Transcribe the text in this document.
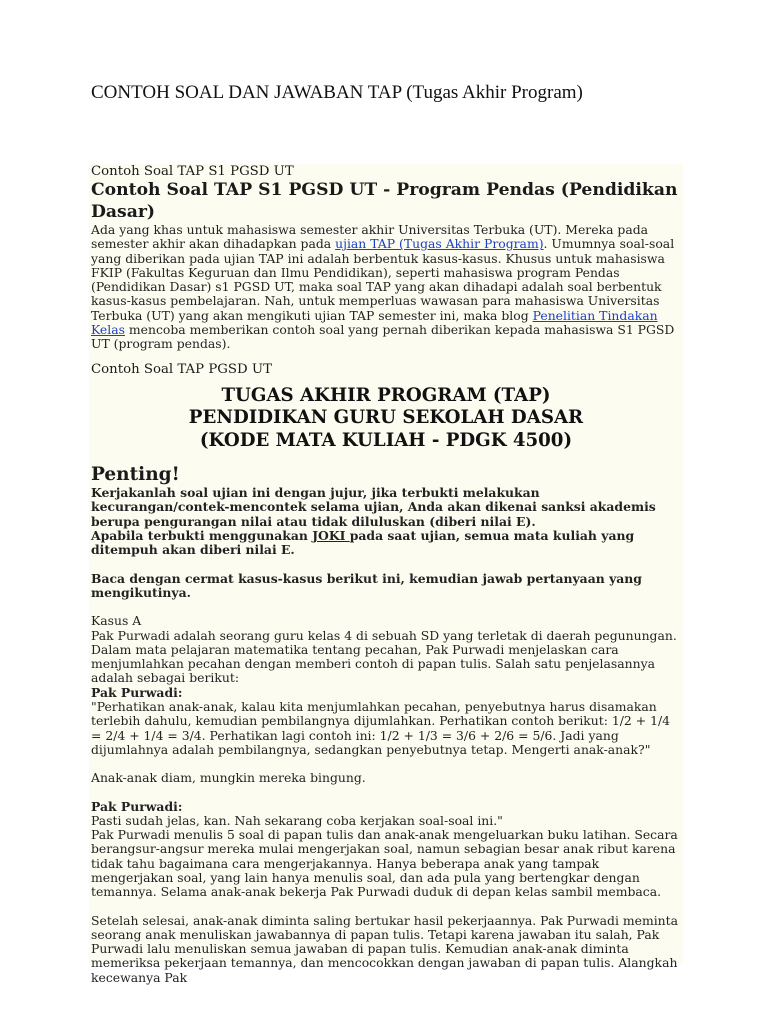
CONTOH SOAL DAN JAWABAN TAP (Tugas Akhir Program)

Contoh Soal TAP S1 PGSD UT

Contoh Soal TAP S1 PGSD UT - Program Pendas (Pendidikan Dasar)

Ada yang khas untuk mahasiswa semester akhir Universitas Terbuka (UT). Mereka pada semester akhir akan dihadapkan pada ujian TAP (Tugas Akhir Program). Umumnya soal-soal yang diberikan pada ujian TAP ini adalah berbentuk kasus-kasus. Khusus untuk mahasiswa FKIP (Fakultas Keguruan dan Ilmu Pendidikan), seperti mahasiswa program Pendas (Pendidikan Dasar) s1 PGSD UT, maka soal TAP yang akan dihadapi adalah soal berbentuk kasus-kasus pembelajaran. Nah, untuk memperluas wawasan para mahasiswa Universitas Terbuka (UT) yang akan mengikuti ujian TAP semester ini, maka blog Penelitian Tindakan Kelas mencoba memberikan contoh soal yang pernah diberikan kepada mahasiswa S1 PGSD UT (program pendas).

Contoh Soal TAP PGSD UT

TUGAS AKHIR PROGRAM (TAP)
PENDIDIKAN GURU SEKOLAH DASAR
(KODE MATA KULIAH - PDGK 4500)

Penting!

Kerjakanlah soal ujian ini dengan jujur, jika terbukti melakukan kecurangan/contek-mencontek selama ujian, Anda akan dikenai sanksi akademis berupa pengurangan nilai atau tidak diluluskan (diberi nilai E).

Apabila terbukti menggunakan JOKI pada saat ujian, semua mata kuliah yang ditempuh akan diberi nilai E.

Baca dengan cermat kasus-kasus berikut ini, kemudian jawab pertanyaan yang mengikutinya.

Kasus A

Pak Purwadi adalah seorang guru kelas 4 di sebuah SD yang terletak di daerah pegunungan. Dalam mata pelajaran matematika tentang pecahan, Pak Purwadi menjelaskan cara menjumlahkan pecahan dengan memberi contoh di papan tulis. Salah satu penjelasannya adalah sebagai berikut:

Pak Purwadi:

"Perhatikan anak-anak, kalau kita menjumlahkan pecahan, penyebutnya harus disamakan terlebih dahulu, kemudian pembilangnya dijumlahkan. Perhatikan contoh berikut: 1/2 + 1/4 = 2/4 + 1/4 = 3/4. Perhatikan lagi contoh ini: 1/2 + 1/3 = 3/6 + 2/6 = 5/6. Jadi yang dijumlahnya adalah pembilangnya, sedangkan penyebutnya tetap. Mengerti anak-anak?"

Anak-anak diam, mungkin mereka bingung.

Pak Purwadi:

Pasti sudah jelas, kan. Nah sekarang coba kerjakan soal-soal ini."

Pak Purwadi menulis 5 soal di papan tulis dan anak-anak mengeluarkan buku latihan. Secara berangsur-angsur mereka mulai mengerjakan soal, namun sebagian besar anak ribut karena tidak tahu bagaimana cara mengerjakannya. Hanya beberapa anak yang tampak mengerjakan soal, yang lain hanya menulis soal, dan ada pula yang bertengkar dengan temannya. Selama anak-anak bekerja Pak Purwadi duduk di depan kelas sambil membaca.

Setelah selesai, anak-anak diminta saling bertukar hasil pekerjaannya. Pak Purwadi meminta seorang anak menuliskan jawabannya di papan tulis. Tetapi karena jawaban itu salah, Pak Purwadi lalu menuliskan semua jawaban di papan tulis. Kemudian anak-anak diminta memeriksa pekerjaan temannya, dan mencocokkan dengan jawaban di papan tulis. Alangkah kecewanya Pak
